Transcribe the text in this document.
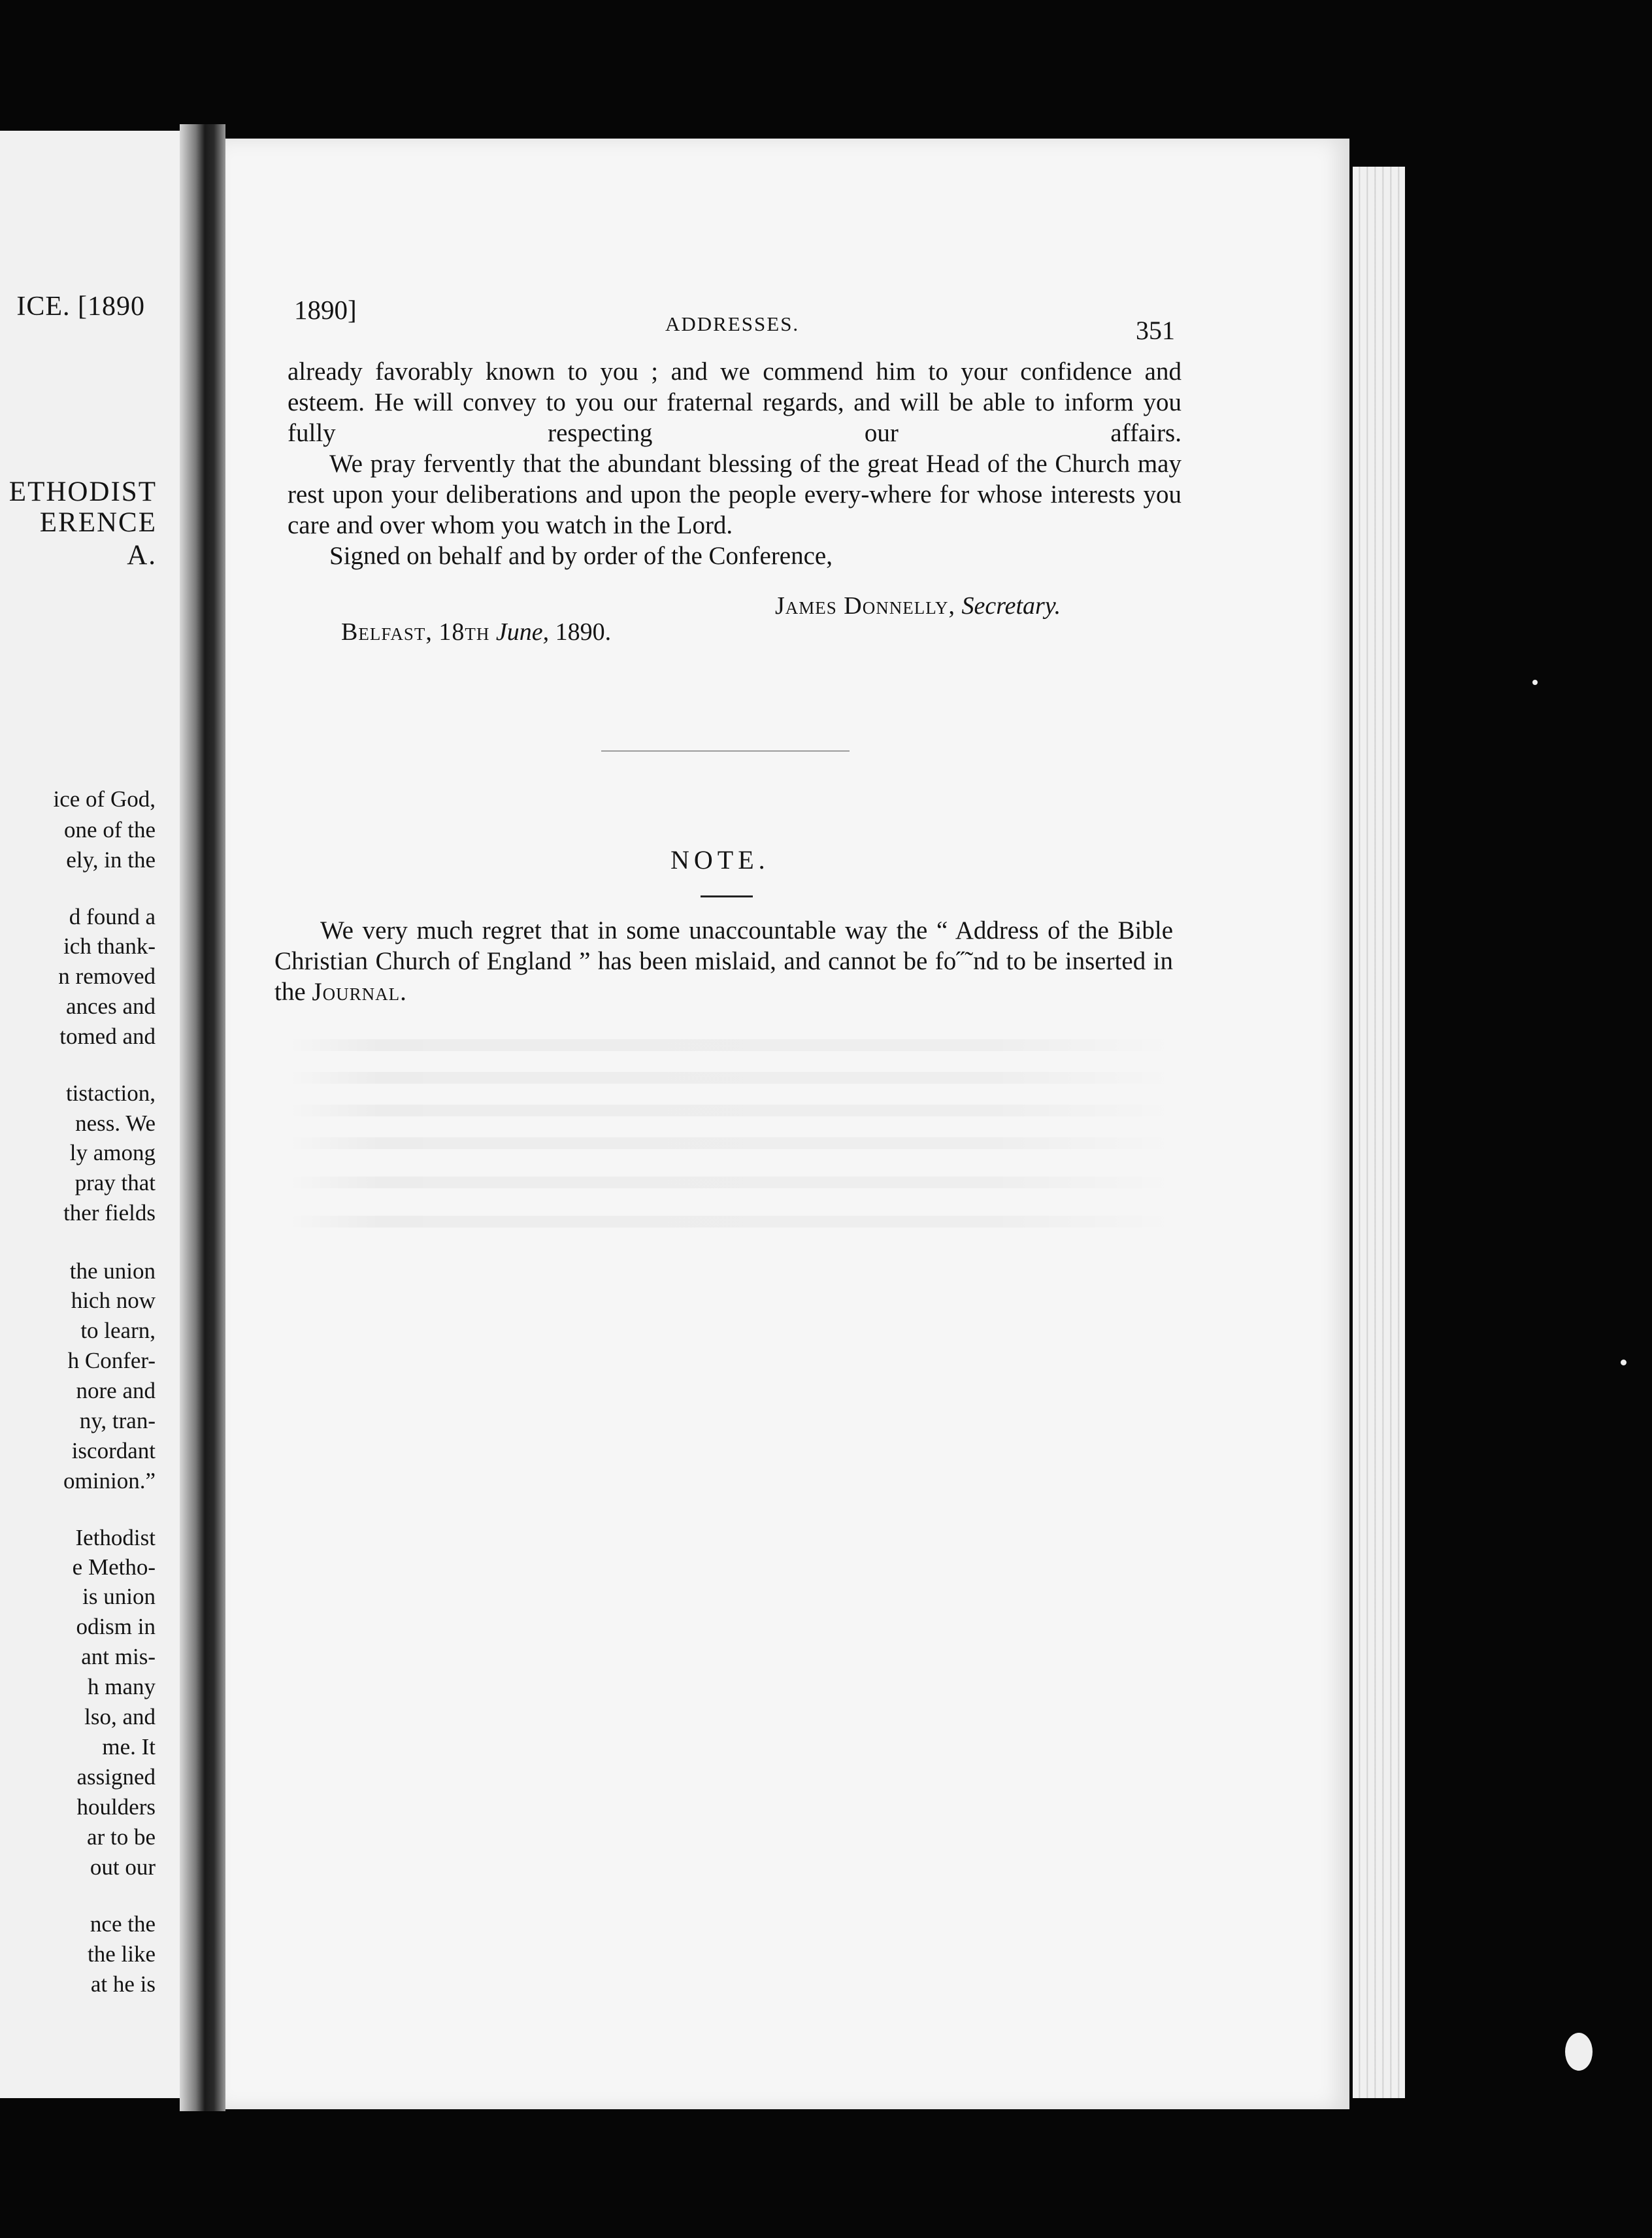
ICE. [1890
ETHODIST
ERENCE
A.
ice of God,
one of the
ely, in the
d found a
ich thank-
n removed
ances and
tomed and
tistaction,
ness. We
ly among
pray that
ther fields
the union
hich now
to learn,
h Confer-
nore and
ny, tran-
iscordant
ominion.”
Iethodist
e Metho-
is union
odism in
ant mis-
h many
lso, and
me. It
assigned
houlders
ar to be
out our
nce the
the like
at he is
1890]	ADDRESSES.	351

already favorably known to you ; and we commend him to your confidence and esteem. He will convey to you our fraternal regards, and will be able to inform you fully respecting our affairs.

We pray fervently that the abundant blessing of the great Head of the Church may rest upon your deliberations and upon the people every-where for whose interests you care and over whom you watch in the Lord.

Signed on behalf and by order of the Conference,

James Donnelly, Secretary.
Belfast, 18th June, 1890.
NOTE.
We very much regret that in some unaccountable way the “ Address of the Bible Christian Church of England ” has been mislaid, and cannot be fo˝˜nd to be inserted in the Journal.
